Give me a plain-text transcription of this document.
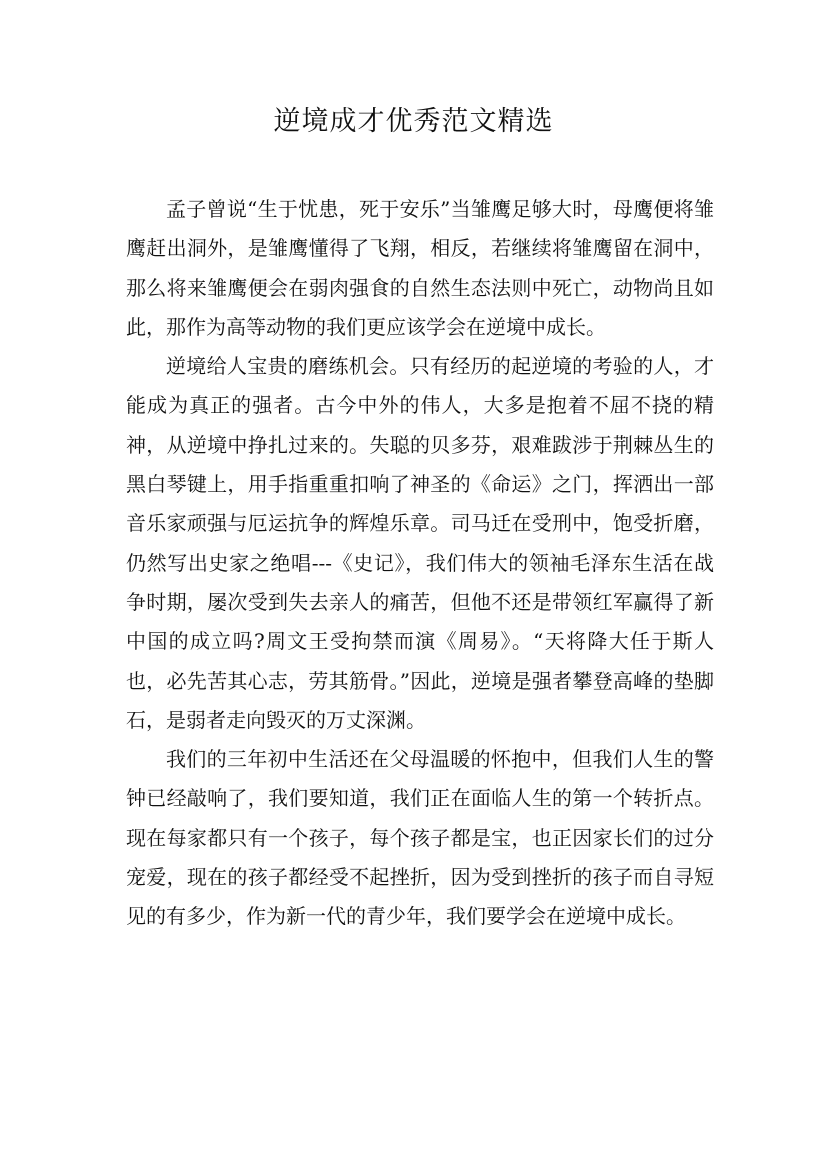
逆境成才优秀范文精选

孟子曾说“生于忧患，死于安乐”当雏鹰足够大时，母鹰便将雏鹰赶出洞外，是雏鹰懂得了飞翔，相反，若继续将雏鹰留在洞中，那么将来雏鹰便会在弱肉强食的自然生态法则中死亡，动物尚且如此，那作为高等动物的我们更应该学会在逆境中成长。

逆境给人宝贵的磨练机会。只有经历的起逆境的考验的人，才能成为真正的强者。古今中外的伟人，大多是抱着不屈不挠的精神，从逆境中挣扎过来的。失聪的贝多芬，艰难跋涉于荆棘丛生的黑白琴键上，用手指重重扣响了神圣的《命运》之门，挥洒出一部音乐家顽强与厄运抗争的辉煌乐章。司马迁在受刑中，饱受折磨，仍然写出史家之绝唱---《史记》，我们伟大的领袖毛泽东生活在战争时期，屡次受到失去亲人的痛苦，但他不还是带领红军赢得了新中国的成立吗?周文王受拘禁而演《周易》。“天将降大任于斯人也，必先苦其心志，劳其筋骨。”因此，逆境是强者攀登高峰的垫脚石，是弱者走向毁灭的万丈深渊。

我们的三年初中生活还在父母温暖的怀抱中，但我们人生的警钟已经敲响了，我们要知道，我们正在面临人生的第一个转折点。现在每家都只有一个孩子，每个孩子都是宝，也正因家长们的过分宠爱，现在的孩子都经受不起挫折，因为受到挫折的孩子而自寻短见的有多少，作为新一代的青少年，我们要学会在逆境中成长。
